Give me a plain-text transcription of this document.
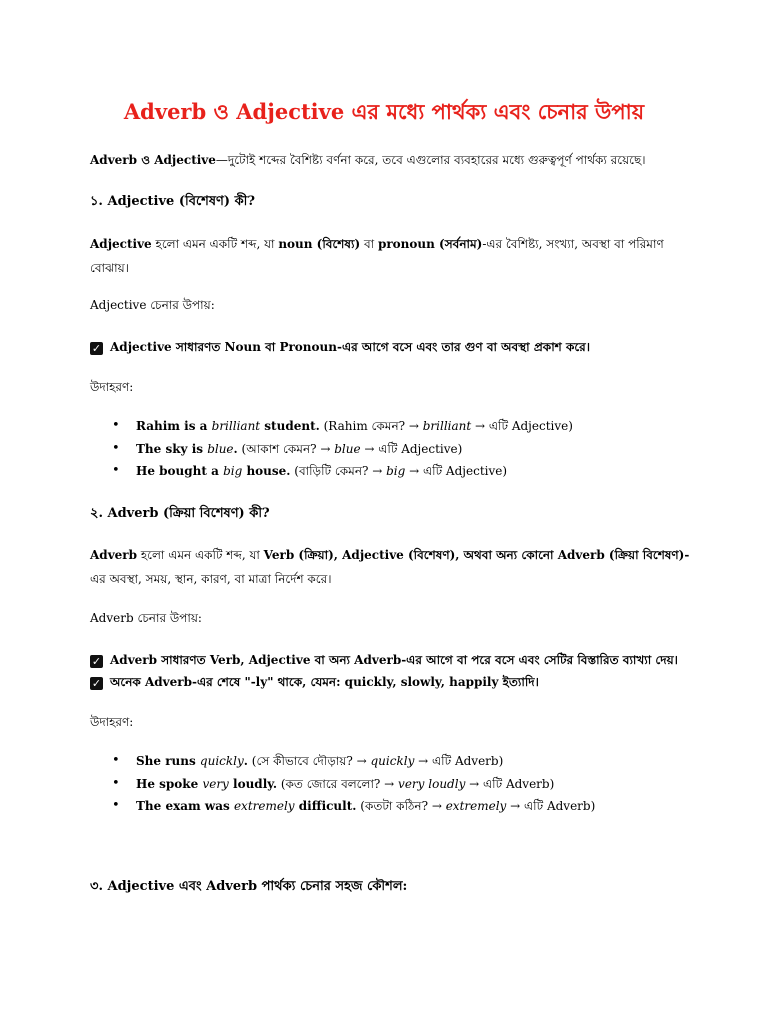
Adverb ও Adjective এর মধ্যে পার্থক্য এবং চেনার উপায়

Adverb ও Adjective—দুটোই শব্দের বৈশিষ্ট্য বর্ণনা করে, তবে এগুলোর ব্যবহারের মধ্যে গুরুত্বপূর্ণ পার্থক্য রয়েছে।

১. Adjective (বিশেষণ) কী?

Adjective হলো এমন একটি শব্দ, যা noun (বিশেষ্য) বা pronoun (সর্বনাম)-এর বৈশিষ্ট্য, সংখ্যা, অবস্থা বা পরিমাণ বোঝায়।

Adjective চেনার উপায়:

✓ Adjective সাধারণত Noun বা Pronoun-এর আগে বসে এবং তার গুণ বা অবস্থা প্রকাশ করে।

উদাহরণ:

• Rahim is a brilliant student. (Rahim কেমন? → brilliant → এটি Adjective)
• The sky is blue. (আকাশ কেমন? → blue → এটি Adjective)
• He bought a big house. (বাড়িটি কেমন? → big → এটি Adjective)

২. Adverb (ক্রিয়া বিশেষণ) কী?

Adverb হলো এমন একটি শব্দ, যা Verb (ক্রিয়া), Adjective (বিশেষণ), অথবা অন্য কোনো Adverb (ক্রিয়া বিশেষণ)-এর অবস্থা, সময়, স্থান, কারণ, বা মাত্রা নির্দেশ করে।

Adverb চেনার উপায়:

✓ Adverb সাধারণত Verb, Adjective বা অন্য Adverb-এর আগে বা পরে বসে এবং সেটির বিস্তারিত ব্যাখ্যা দেয়।

✓ অনেক Adverb-এর শেষে "-ly" থাকে, যেমন: quickly, slowly, happily ইত্যাদি।

উদাহরণ:

• She runs quickly. (সে কীভাবে দৌড়ায়? → quickly → এটি Adverb)
• He spoke very loudly. (কত জোরে বললো? → very loudly → এটি Adverb)
• The exam was extremely difficult. (কতটা কঠিন? → extremely → এটি Adverb)

৩. Adjective এবং Adverb পার্থক্য চেনার সহজ কৌশল:
